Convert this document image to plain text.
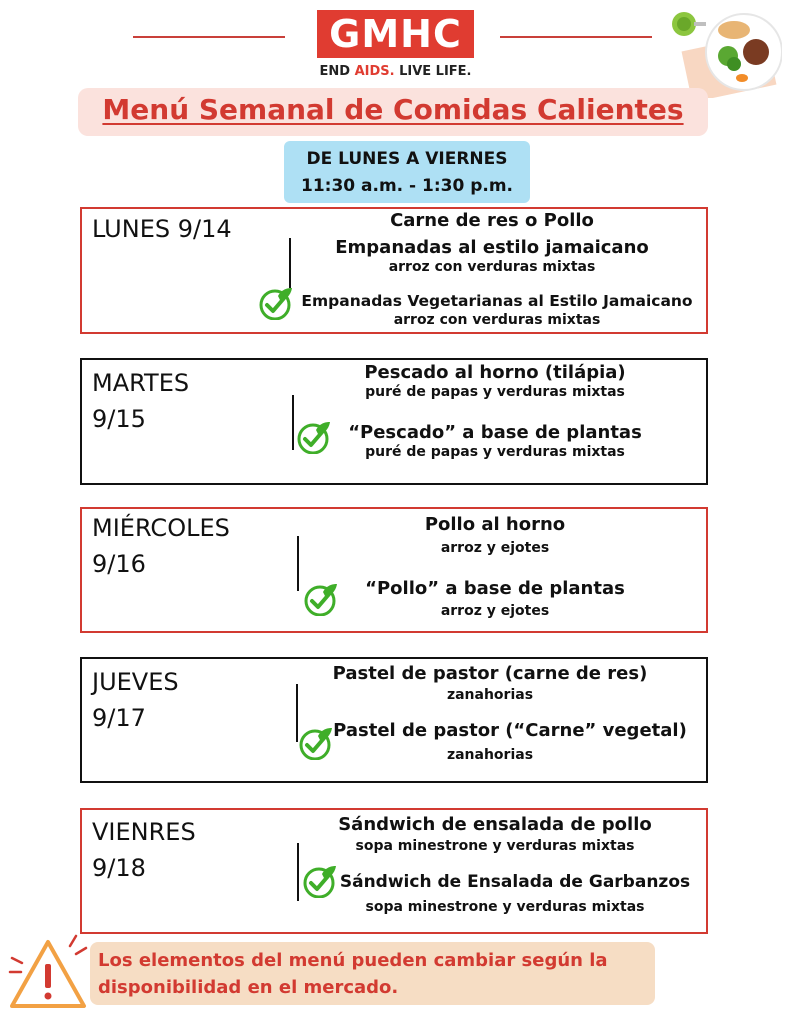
GMHC
END AIDS. LIVE LIFE.
Menú Semanal de Comidas Calientes
DE LUNES A VIERNES
11:30 a.m. - 1:30 p.m.
LUNES 9/14	Carne de res o Pollo
Empanadas al estilo jamaicano
arroz con verduras mixtas
Empanadas Vegetarianas al Estilo Jamaicano
arroz con verduras mixtas
MARTES
9/15
Pescado al horno (tilápia)
puré de papas y verduras mixtas
“Pescado” a base de plantas
puré de papas y verduras mixtas
MIÉRCOLES
9/16
Pollo al horno
arroz y ejotes
“Pollo” a base de plantas
arroz y ejotes
JUEVES
9/17
Pastel de pastor (carne de res)
zanahorias
Pastel de pastor (“Carne” vegetal)
zanahorias
VIENRES
9/18
Sándwich de ensalada de pollo
sopa minestrone y verduras mixtas
Sándwich de Ensalada de Garbanzos
sopa minestrone y verduras mixtas
Los elementos del menú pueden cambiar según la
disponibilidad en el mercado.
